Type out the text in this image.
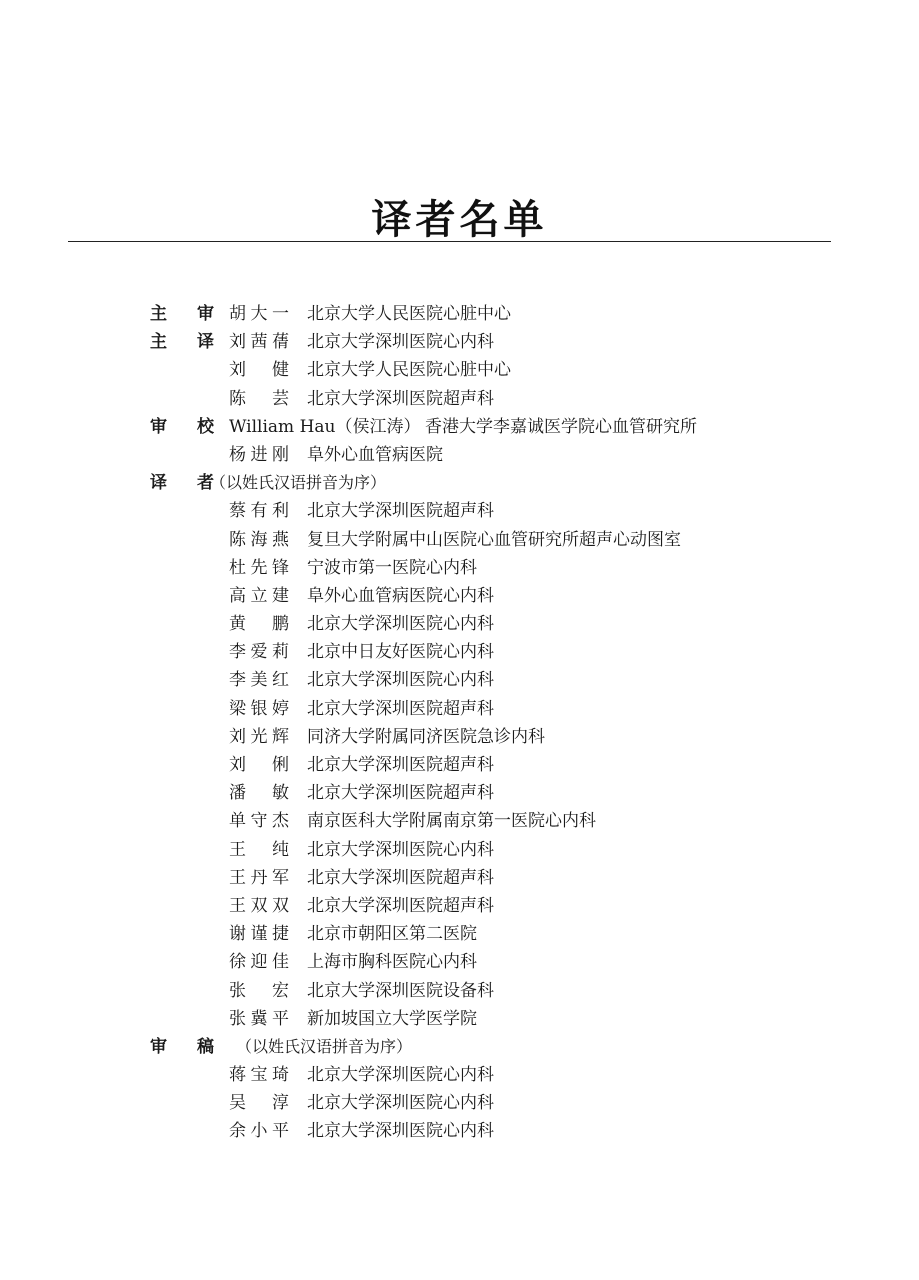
译者名单
主审 胡大一 北京大学人民医院心脏中心
主译 刘茜蒨 北京大学深圳医院心内科
刘健 北京大学人民医院心脏中心
陈芸 北京大学深圳医院超声科
审校 William Hau（侯江涛） 香港大学李嘉诚医学院心血管研究所
杨进刚 阜外心血管病医院
译者
（以姓氏汉语拼音为序）
蔡有利 北京大学深圳医院超声科
陈海燕 复旦大学附属中山医院心血管研究所超声心动图室
杜先锋 宁波市第一医院心内科
高立建 阜外心血管病医院心内科
黄鹏 北京大学深圳医院心内科
李爱莉 北京中日友好医院心内科
李美红 北京大学深圳医院心内科
梁银婷 北京大学深圳医院超声科
刘光辉 同济大学附属同济医院急诊内科
刘俐 北京大学深圳医院超声科
潘敏 北京大学深圳医院超声科
单守杰 南京医科大学附属南京第一医院心内科
王纯 北京大学深圳医院心内科
王丹军 北京大学深圳医院超声科
王双双 北京大学深圳医院超声科
谢谨捷 北京市朝阳区第二医院
徐迎佳 上海市胸科医院心内科
张宏 北京大学深圳医院设备科
张冀平 新加坡国立大学医学院
审稿 （以姓氏汉语拼音为序）
蒋宝琦 北京大学深圳医院心内科
吴淳 北京大学深圳医院心内科
余小平 北京大学深圳医院心内科
